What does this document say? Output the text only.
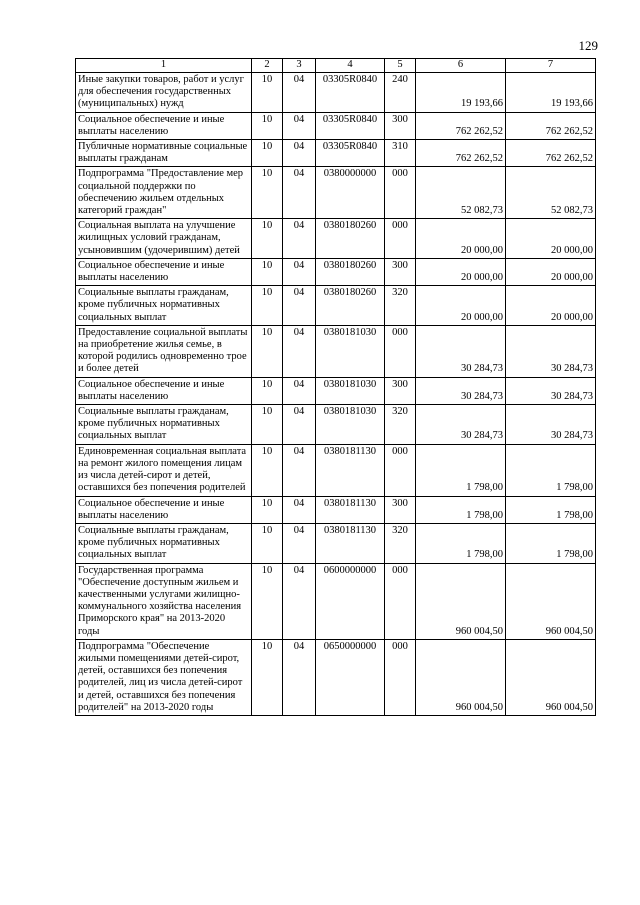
129
1	2	3	4	5	6	7
Иные закупки товаров, работ и услуг для обеспечения государственных (муниципальных) нужд	10	04	03305R0840	240	19 193,66	19 193,66
Социальное обеспечение и иные выплаты населению	10	04	03305R0840	300	762 262,52	762 262,52
Публичные нормативные социальные выплаты гражданам	10	04	03305R0840	310	762 262,52	762 262,52
Подпрограмма "Предоставление мер социальной поддержки по обеспечению жильем отдельных категорий граждан"	10	04	0380000000	000	52 082,73	52 082,73
Социальная выплата на улучшение жилищных условий гражданам, усыновившим (удочерившим) детей	10	04	0380180260	000	20 000,00	20 000,00
Социальное обеспечение и иные выплаты населению	10	04	0380180260	300	20 000,00	20 000,00
Социальные выплаты гражданам, кроме публичных нормативных социальных выплат	10	04	0380180260	320	20 000,00	20 000,00
Предоставление социальной выплаты на приобретение жилья семье, в которой родились одновременно трое и более детей	10	04	0380181030	000	30 284,73	30 284,73
Социальное обеспечение и иные выплаты населению	10	04	0380181030	300	30 284,73	30 284,73
Социальные выплаты гражданам, кроме публичных нормативных социальных выплат	10	04	0380181030	320	30 284,73	30 284,73
Единовременная социальная выплата на ремонт жилого помещения лицам из числа детей-сирот и детей, оставшихся без попечения родителей	10	04	0380181130	000	1 798,00	1 798,00
Социальное обеспечение и иные выплаты населению	10	04	0380181130	300	1 798,00	1 798,00
Социальные выплаты гражданам, кроме публичных нормативных социальных выплат	10	04	0380181130	320	1 798,00	1 798,00
Государственная программа "Обеспечение доступным жильем и качественными услугами жилищно-коммунального хозяйства населения Приморского края" на 2013-2020 годы	10	04	0600000000	000	960 004,50	960 004,50
Подпрограмма "Обеспечение жилыми помещениями детей-сирот, детей, оставшихся без попечения родителей, лиц из числа детей-сирот и детей, оставшихся без попечения родителей" на 2013-2020 годы	10	04	0650000000	000	960 004,50	960 004,50
